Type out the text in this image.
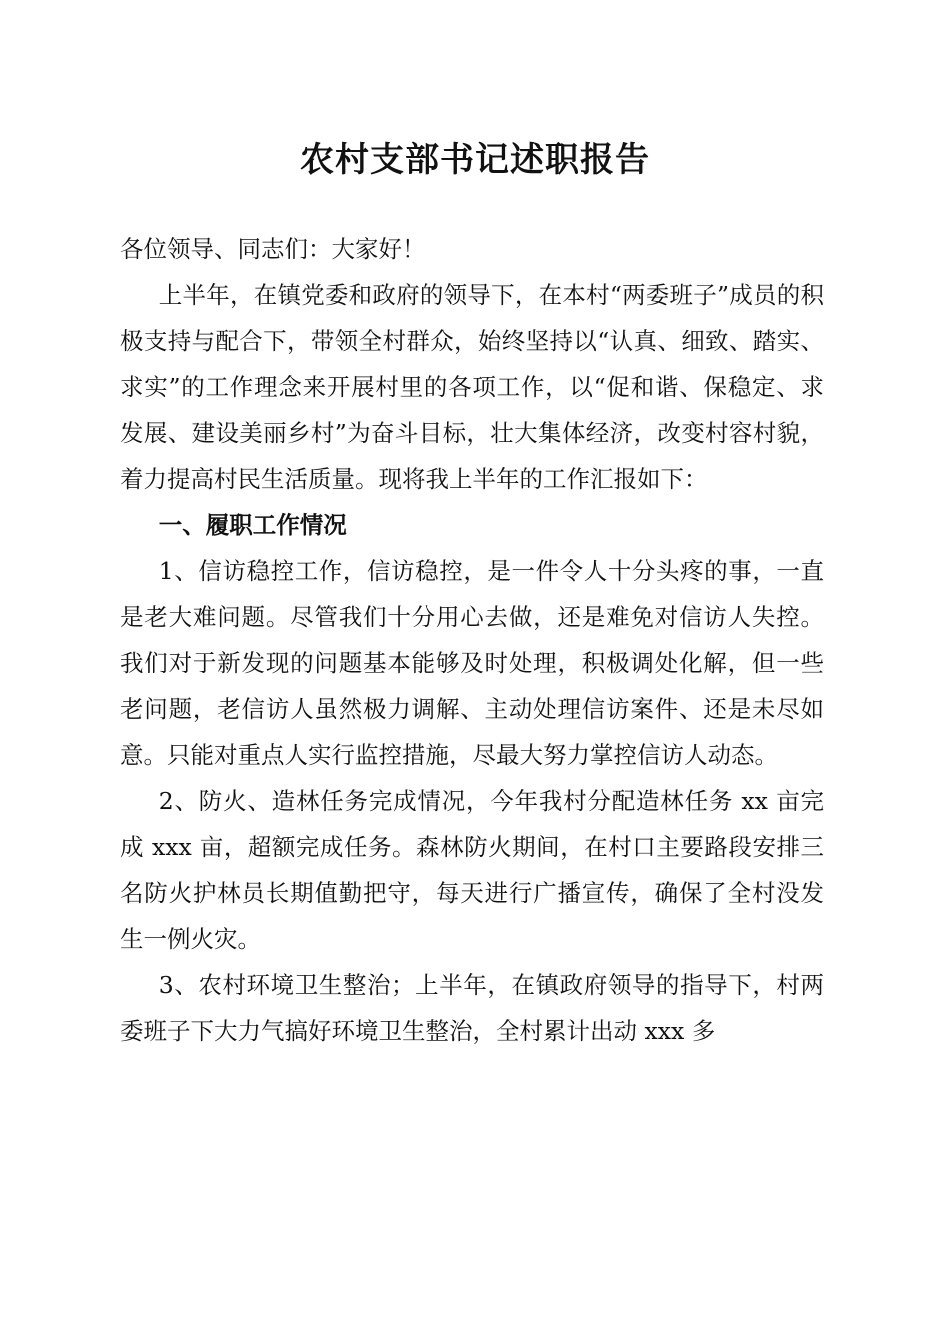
农村支部书记述职报告

各位领导、同志们：大家好！

上半年，在镇党委和政府的领导下，在本村“两委班子”成员的积极支持与配合下，带领全村群众，始终坚持以“认真、细致、踏实、求实”的工作理念来开展村里的各项工作，以“促和谐、保稳定、求发展、建设美丽乡村”为奋斗目标，壮大集体经济，改变村容村貌，着力提高村民生活质量。现将我上半年的工作汇报如下：

一、履职工作情况

1、信访稳控工作，信访稳控，是一件令人十分头疼的事，一直是老大难问题。尽管我们十分用心去做，还是难免对信访人失控。我们对于新发现的问题基本能够及时处理，积极调处化解，但一些老问题，老信访人虽然极力调解、主动处理信访案件、还是未尽如意。只能对重点人实行监控措施，尽最大努力掌控信访人动态。

2、防火、造林任务完成情况，今年我村分配造林任务 xx 亩完成 xxx 亩，超额完成任务。森林防火期间，在村口主要路段安排三名防火护林员长期值勤把守，每天进行广播宣传，确保了全村没发生一例火灾。

3、农村环境卫生整治；上半年，在镇政府领导的指导下，村两委班子下大力气搞好环境卫生整治，全村累计出动 xxx 多
